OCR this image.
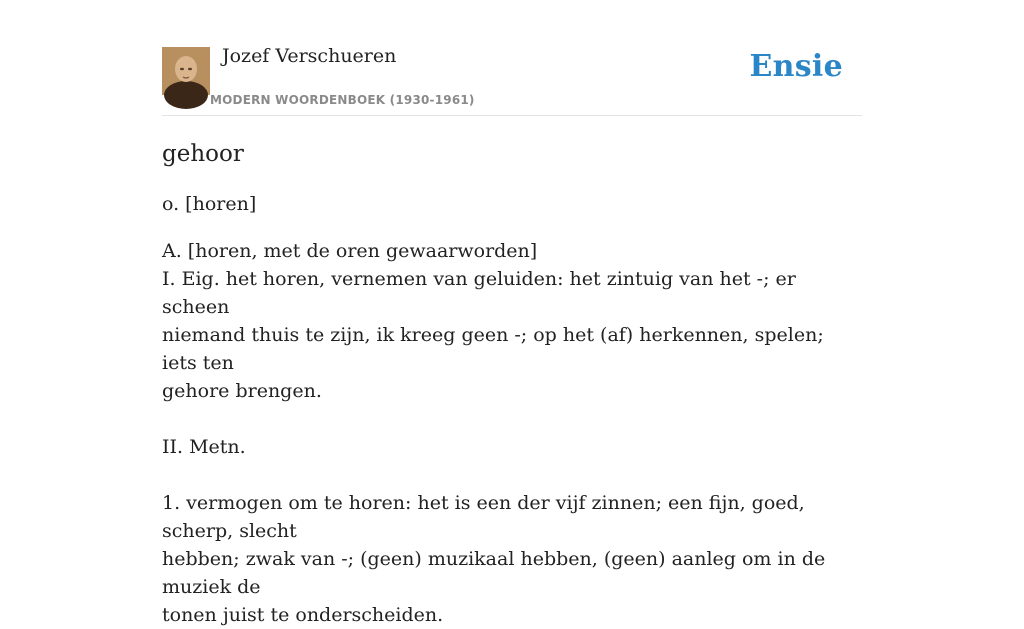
Jozef Verschueren
MODERN WOORDENBOEK (1930-1961)
Ensie
gehoor
o. [horen]
A. [horen, met de oren gewaarworden]
I. Eig. het horen, vernemen van geluiden: het zintuig van het -; er scheen
niemand thuis te zijn, ik kreeg geen -; op het (af) herkennen, spelen; iets ten
gehore brengen.
II. Metn.
1. vermogen om te horen: het is een der vijf zinnen; een fijn, goed, scherp, slecht
hebben; zwak van -; (geen) muzikaal hebben, (geen) aanleg om in de muziek de
tonen juist te onderscheiden.
